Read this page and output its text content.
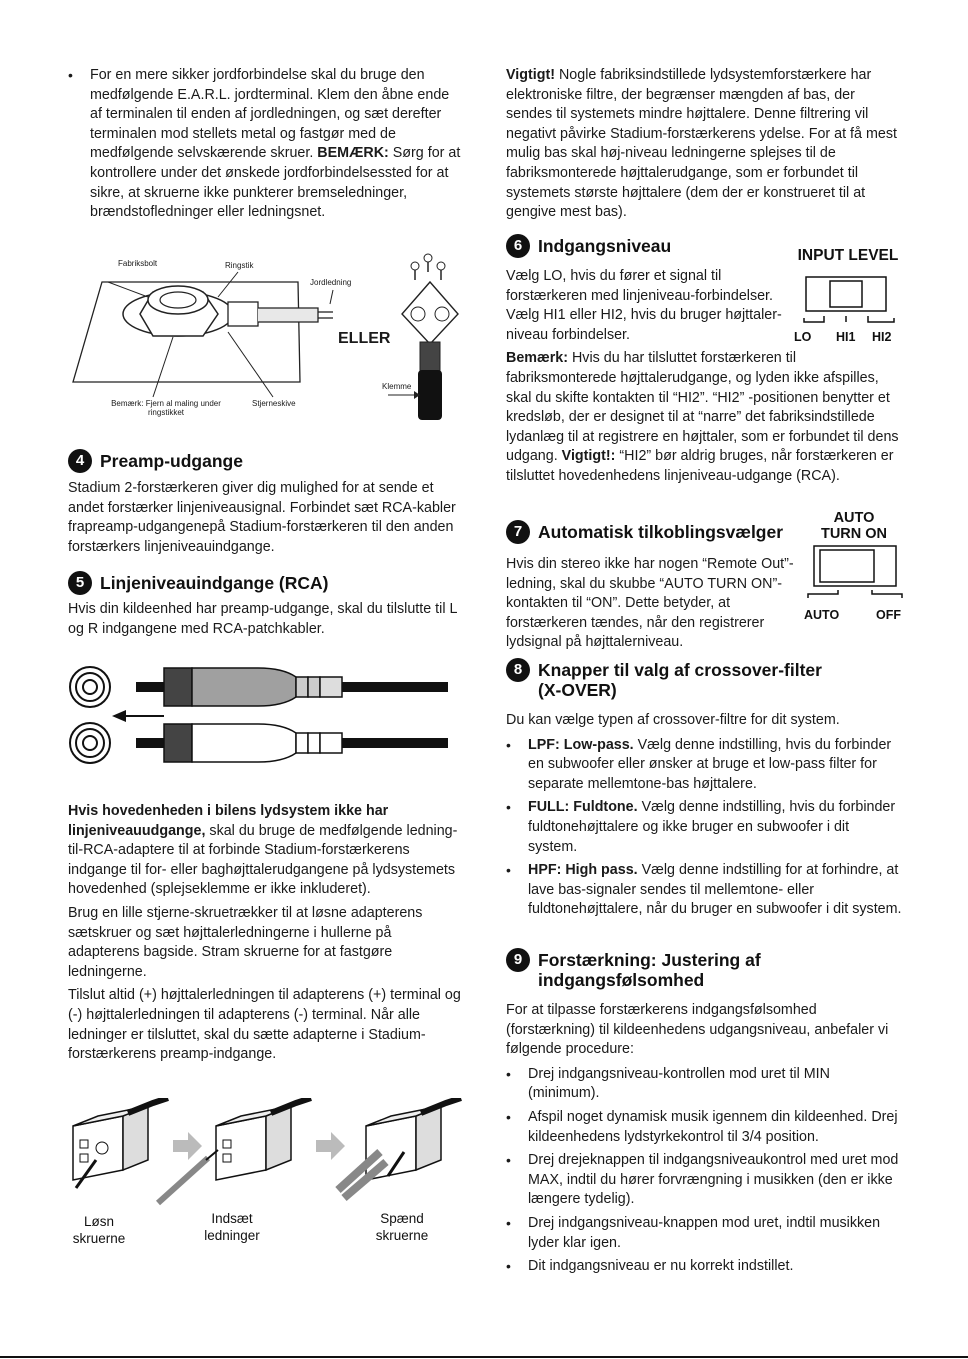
• For en mere sikker jordforbindelse skal du bruge den medfølgende E.A.R.L. jordterminal. Klem den åbne ende af terminalen til enden af jordledningen, og sæt derefter terminalen mod stellets metal og fastgør med de medfølgende selvskærende skruer. BEMÆRK: Sørg for at kontrollere under det ønskede jordforbindelsessted for at sikre, at skruerne ikke punkterer bremseledninger, brændstofledninger eller ledningsnet.
Fabriksbolt	Ringstik
Jordledning
ELLER
Klemme
Bemærk: Fjern al maling under ringstikket
Stjerneskive
4 Preamp-udgange

Stadium 2-forstærkeren giver dig mulighed for at sende et andet forstærker linjeniveausignal. Forbindet sæt RCA-kabler frapreamp-udgangenepå Stadium-forstærkeren til den anden forstærkers linjeniveauindgange.

5 Linjeniveauindgange (RCA)

Hvis din kildeenhed har preamp-udgange, skal du tilslutte til L og R indgangene med RCA-patchkabler.

Hvis hovedenheden i bilens lydsystem ikke har linjeniveauudgange, skal du bruge de medfølgende ledning-til-RCA-adaptere til at forbinde Stadium-forstærkerens indgange til for- eller baghøjttalerudgangene på lydsystemets hovedenhed (splejseklemme er ikke inkluderet).

Brug en lille stjerne-skruetrækker til at løsne adapterens sætskruer og sæt højttalerledningerne i hullerne på adapterens bagside. Stram skruerne for at fastgøre ledningerne.

Tilslut altid (+) højttalerledningen til adapterens (+) terminal og (-) højttalerledningen til adapterens (-) terminal. Når alle ledninger er tilsluttet, skal du sætte adapterne i Stadium-forstærkerens preamp-indgange.

Løsn skruerne
Indsæt ledninger
Spænd skruerne

Vigtigt! Nogle fabriksindstillede lydsystemforstærkere har elektroniske filtre, der begrænser mængden af bas, der sendes til systemets mindre højttalere. Denne filtrering vil negativt påvirke Stadium-forstærkerens ydelse. For at få mest mulig bas skal høj-niveau ledningerne splejses til de fabriksmonterede højttalerudgange, som er forbundet til systemets største højttalere (dem der er konstrueret til at gengive mest bas).

6 Indgangsniveau

Vælg LO, hvis du fører et signal til forstærkeren med linjeniveau-forbindelser. Vælg HI1 eller HI2, hvis du bruger højttaler-niveau forbindelser.

Bemærk: Hvis du har tilsluttet forstærkeren til fabriksmonterede højttalerudgange, og lyden ikke afspilles, skal du skifte kontakten til “HI2”. “HI2” -positionen benytter et kredsløb, der er designet til at “narre” det fabriksindstillede lydanlæg til at registrere en højttaler, som er forbundet til dens udgang. Vigtigt!: “HI2” bør aldrig bruges, når forstærkeren er tilsluttet hovedenhedens linjeniveau-udgange (RCA).

INPUT LEVEL
LO HI1 HI2
7 Automatisk tilkoblingsvælger

Hvis din stereo ikke har nogen “Remote Out”-ledning, skal du skubbe “AUTO TURN ON”-kontakten til “ON”. Dette betyder, at forstærkeren tændes, når den registrerer lydsignal på højttalerniveau.

AUTO
TURN ON
AUTO	OFF
8 Knapper til valg af crossover-filter
(X-OVER)

Du kan vælge typen af crossover-filtre for dit system.

• LPF: Low-pass. Vælg denne indstilling, hvis du forbinder en subwoofer eller ønsker at bruge et low-pass filter for separate mellemtone-bas højttalere.
• FULL: Fuldtone. Vælg denne indstilling, hvis du forbinder fuldtonehøjttalere og ikke bruger en subwoofer i dit system.
• HPF: High pass. Vælg denne indstilling for at forhindre, at lave bas-signaler sendes til mellemtone- eller fuldtonehøjttalere, når du bruger en subwoofer i dit system.
9 Forstærkning: Justering af
indgangsfølsomhed

For at tilpasse forstærkerens indgangsfølsomhed (forstærkning) til kildeenhedens udgangsniveau, anbefaler vi følgende procedure:

• Drej indgangsniveau-kontrollen mod uret til MIN (minimum).
• Afspil noget dynamisk musik igennem din kildeenhed. Drej kildeenhedens lydstyrkekontrol til 3/4 position.
• Drej drejeknappen til indgangsniveaukontrol med uret mod MAX, indtil du hører forvrængning i musikken (den er ikke længere tydelig).
• Drej indgangsniveau-knappen mod uret, indtil musikken lyder klar igen.
• Dit indgangsniveau er nu korrekt indstillet.
